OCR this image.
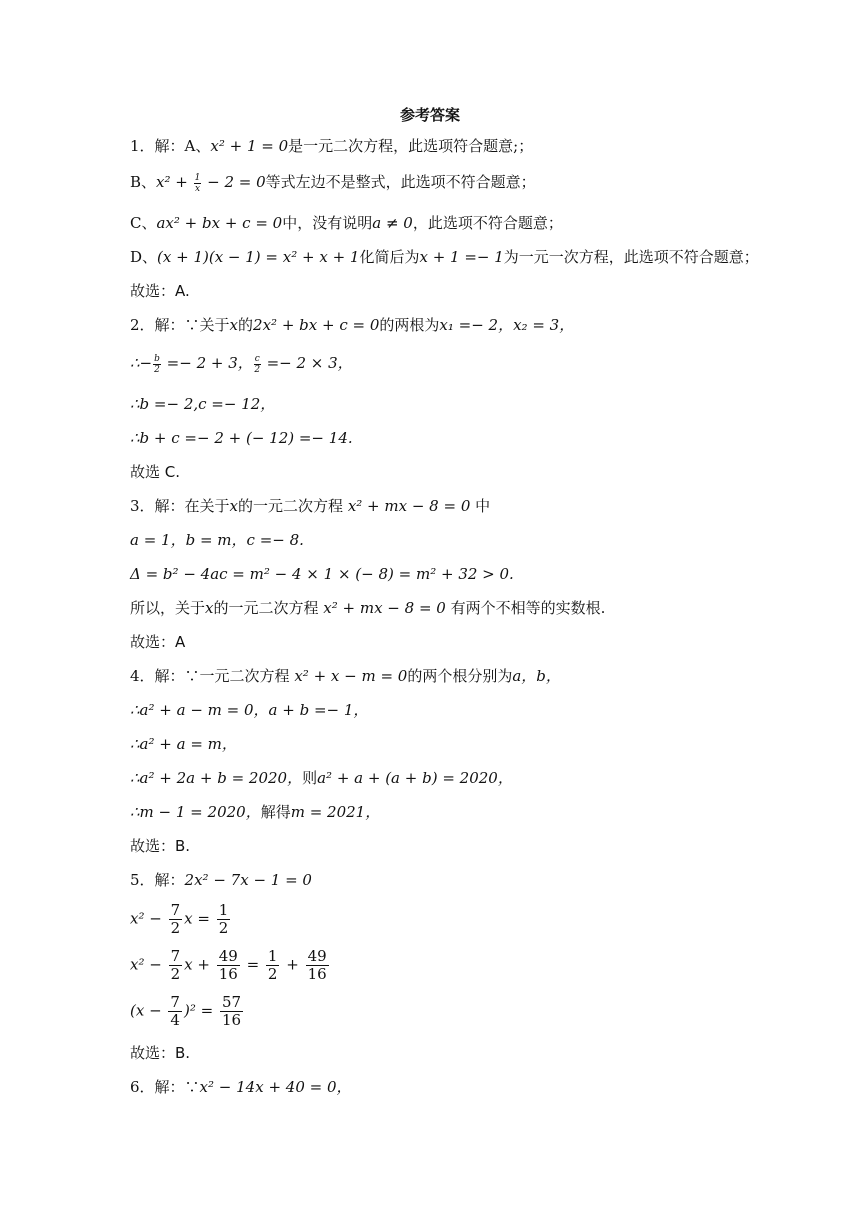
参考答案
1．解：A、x² + 1 = 0是一元二次方程，此选项符合题意;；
B、$x^2 + \frac{1}{x} - 2 = 0$等式左边不是整式，此选项不符合题意；
C、ax² + bx + c = 0中，没有说明a ≠ 0，此选项不符合题意；
D、(x + 1)(x − 1) = x² + x + 1化简后为x + 1 =− 1为一元一次方程，此选项不符合题意；
故选：A.
2．解：∵关于x的2x² + bx + c = 0的两根为x₁ =− 2，x₂ = 3，
∴− $\frac{b}{2} =- 2 + 3$， $\frac{c}{2} =- 2 \times 3$，
∴b =− 2,c =− 12，
∴b + c =− 2 + (− 12) =− 14.
故选 C.
3．解：在关于x的一元二次方程 x² + mx − 8 = 0 中
a = 1，b = m，c =− 8.
Δ = b² − 4ac = m² − 4 × 1 × (− 8) = m² + 32 > 0.
所以，关于x的一元二次方程 x² + mx − 8 = 0 有两个不相等的实数根.
故选：A
4．解：∵一元二次方程 x² + x − m = 0的两个根分别为a，b，
∴a² + a − m = 0，a + b =− 1，
∴a² + a = m，
∴a² + 2a + b = 2020，则a² + a + (a + b) = 2020，
∴m − 1 = 2020，解得m = 2021，
故选：B.
5．解：2x² − 7x − 1 = 0
$x^2 - \frac{7}{2}$ $x = \frac{1}{2}$
$x^2 - \frac{7}{2}$ $x + \frac{49}{16} = \frac{1}{2} + \frac{49}{16}$
$(x - \frac{7}{4} )^2 = \frac{57}{16}$
故选：B.
6．解：∵x² − 14x + 40 = 0，
